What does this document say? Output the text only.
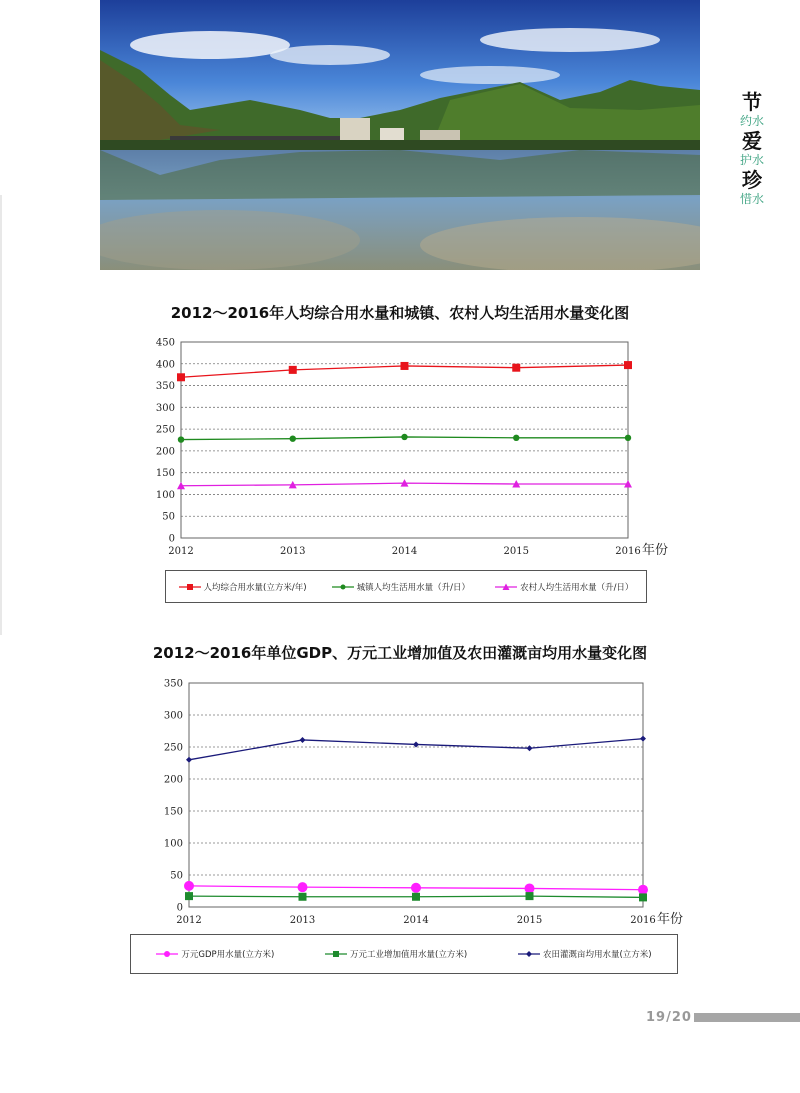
节
约水
爱
护水
珍
惜水
2012～2016年人均综合用水量和城镇、农村人均生活用水量变化图
0
50
100
150
200
250
300
350
400
450
2012	2013	2014	2015	2016 年份
人均综合用水量(立方米/年)	城镇人均生活用水量（升/日）	农村人均生活用水量（升/日）
2012～2016年单位GDP、万元工业增加值及农田灌溉亩均用水量变化图
0
50
100
150
200
250
300
350
2012	2013	2014	2015	2016 年份
万元GDP用水量(立方米)	万元工业增加值用水量(立方米)	农田灌溉亩均用水量(立方米)
19/20
